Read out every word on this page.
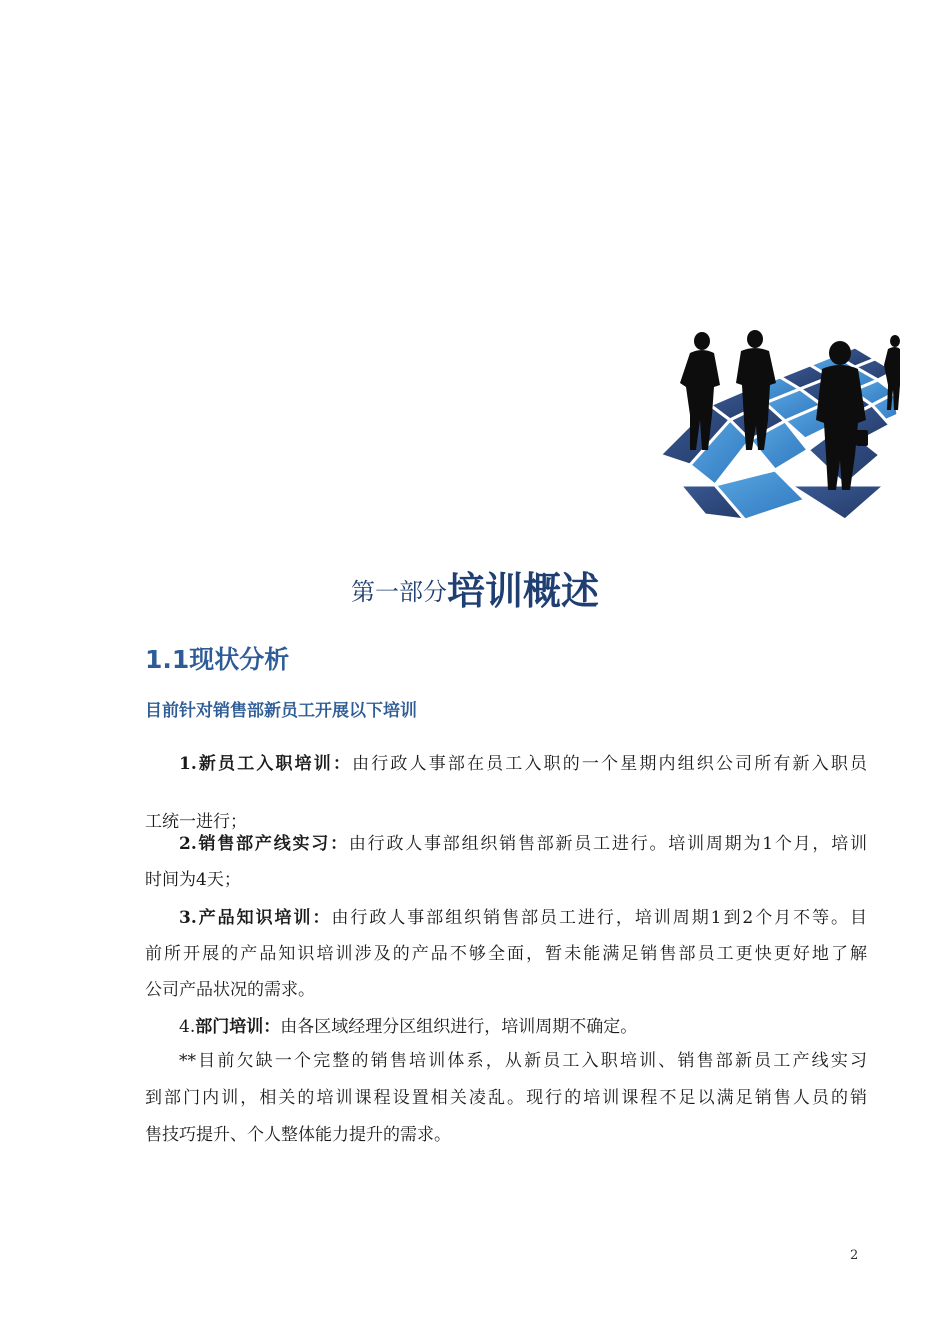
第一部分培训概述
1.1现状分析
目前针对销售部新员工开展以下培训
1.新员工入职培训：由行政人事部在员工入职的一个星期内组织公司所有新入职员
工统一进行；
2.销售部产线实习：由行政人事部组织销售部新员工进行。培训周期为1个月，培训
时间为4天；
3.产品知识培训：由行政人事部组织销售部员工进行，培训周期1到2个月不等。目
前所开展的产品知识培训涉及的产品不够全面，暂未能满足销售部员工更快更好地了解
公司产品状况的需求。
4.部门培训：由各区域经理分区组织进行，培训周期不确定。
**目前欠缺一个完整的销售培训体系，从新员工入职培训、销售部新员工产线实习
到部门内训，相关的培训课程设置相关凌乱。现行的培训课程不足以满足销售人员的销
售技巧提升、个人整体能力提升的需求。
2
